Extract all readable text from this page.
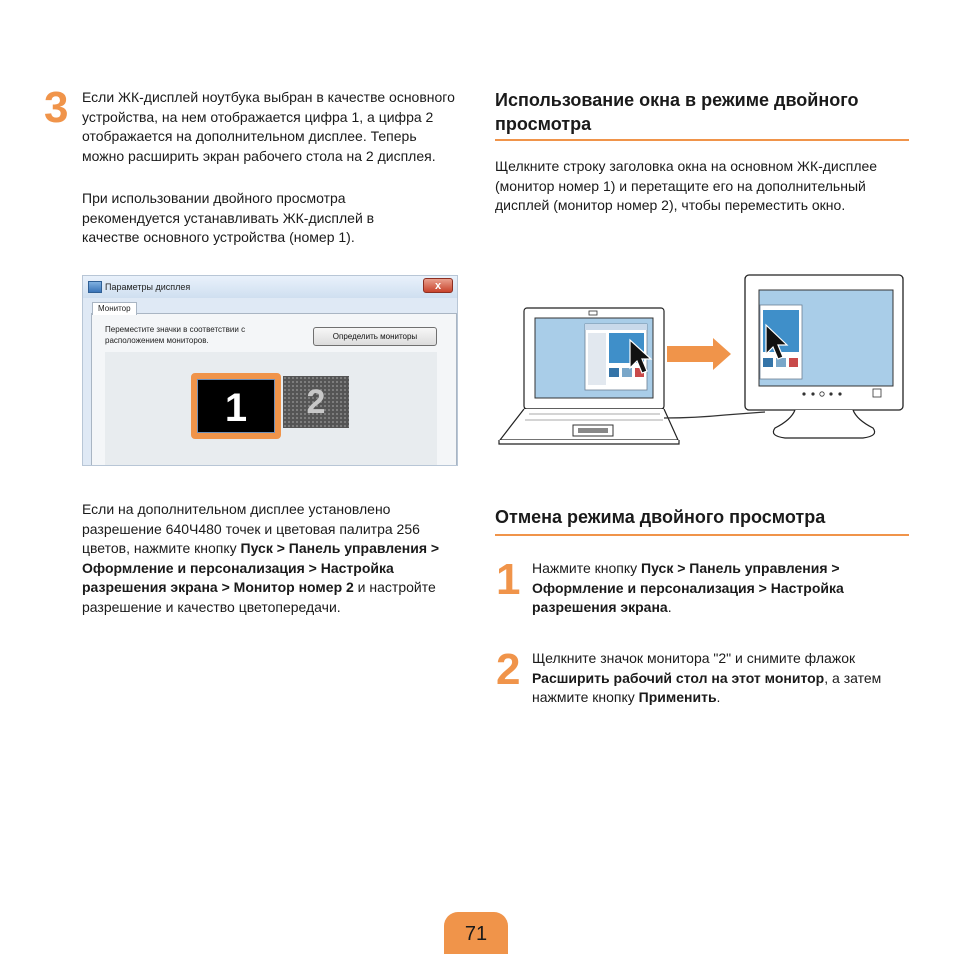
3 Если ЖК-дисплей ноутбука выбран в качестве основного устройства, на нем отображается цифра 1, а цифра 2 отображается на дополнительном дисплее. Теперь можно расширить экран рабочего стола на 2 дисплея.

При использовании двойного просмотра рекомендуется устанавливать ЖК-дисплей в качестве основного устройства (номер 1).

Параметры дисплея	x
Монитор
Переместите значки в соответствии с расположением мониторов.	Определить мониторы
1	2

Если на дополнительном дисплее установлено разрешение 640Ч480 точек и цветовая палитра 256 цветов, нажмите кнопку Пуск > Панель управления > Оформление и персонализация > Настройка разрешения экрана > Монитор номер 2 и настройте разрешение и качество цветопередачи.

Использование окна в режиме двойного просмотра

Щелкните строку заголовка окна на основном ЖК-дисплее (монитор номер 1) и перетащите его на дополнительный дисплей (монитор номер 2), чтобы переместить окно.

Отмена режима двойного просмотра
1 Нажмите кнопку Пуск > Панель управления > Оформление и персонализация > Настройка разрешения экрана.

2 Щелкните значок монитора "2" и снимите флажок Расширить рабочий стол на этот монитор, а затем нажмите кнопку Применить.

71
